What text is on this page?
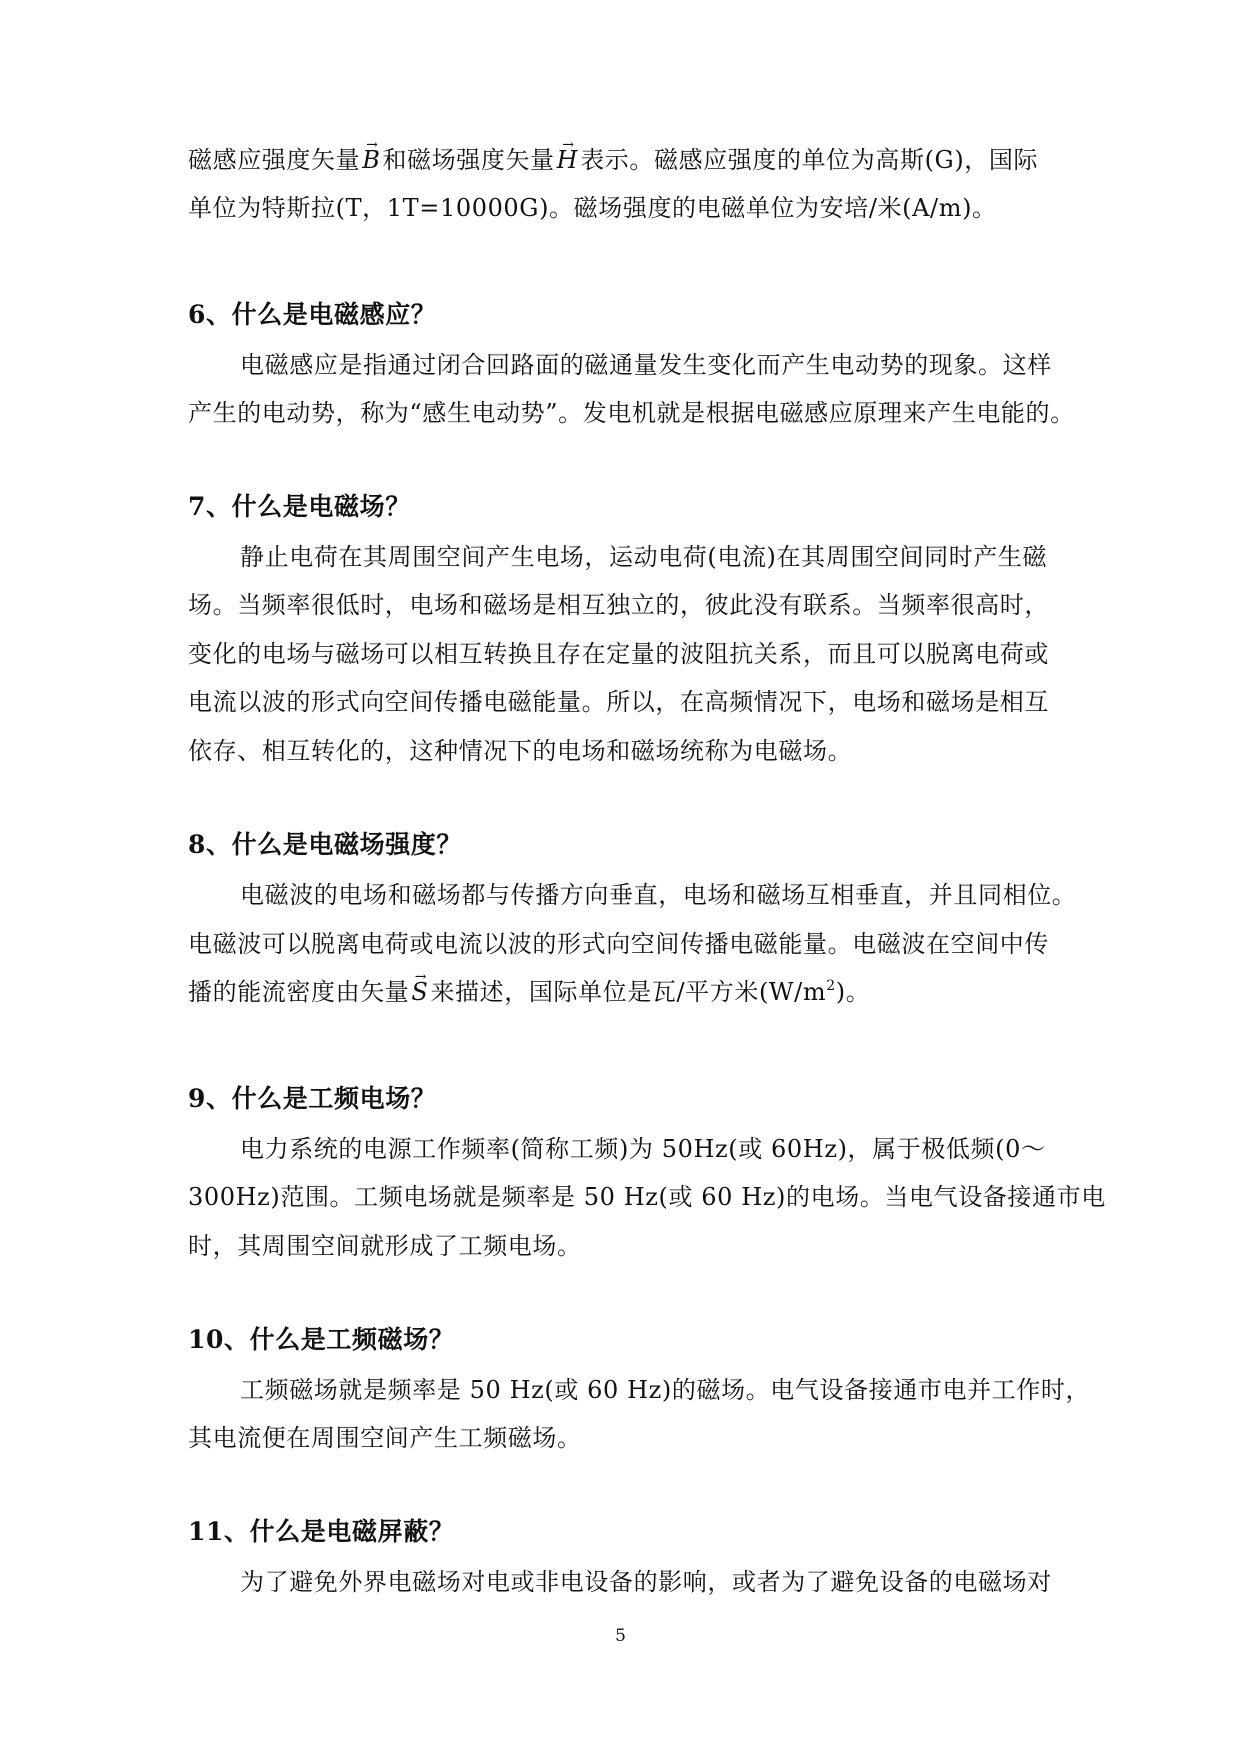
磁感应强度矢量→ B和磁场强度矢量→ H表示。磁感应强度的单位为高斯(G)，国际
单位为特斯拉(T，1T=10000G)。磁场强度的电磁单位为安培/米(A/m)。
6、什么是电磁感应？
电磁感应是指通过闭合回路面的磁通量发生变化而产生电动势的现象。这样
产生的电动势，称为“感生电动势”。发电机就是根据电磁感应原理来产生电能的。
7、什么是电磁场？
静止电荷在其周围空间产生电场，运动电荷(电流)在其周围空间同时产生磁
场。当频率很低时，电场和磁场是相互独立的，彼此没有联系。当频率很高时，
变化的电场与磁场可以相互转换且存在定量的波阻抗关系，而且可以脱离电荷或
电流以波的形式向空间传播电磁能量。所以，在高频情况下，电场和磁场是相互
依存、相互转化的，这种情况下的电场和磁场统称为电磁场。
8、什么是电磁场强度？
电磁波的电场和磁场都与传播方向垂直，电场和磁场互相垂直，并且同相位。
电磁波可以脱离电荷或电流以波的形式向空间传播电磁能量。电磁波在空间中传
播的能流密度由矢量→ S来描述，国际单位是瓦/平方米$(W/m^2)$。
9、什么是工频电场？
电力系统的电源工作频率(简称工频)为 50Hz(或 60Hz)，属于极低频(0～
300Hz)范围。工频电场就是频率是 50 Hz(或 60 Hz)的电场。当电气设备接通市电
时，其周围空间就形成了工频电场。
10、什么是工频磁场？
工频磁场就是频率是 50 Hz(或 60 Hz)的磁场。电气设备接通市电并工作时，
其电流便在周围空间产生工频磁场。
11、什么是电磁屏蔽？
为了避免外界电磁场对电或非电设备的影响，或者为了避免设备的电磁场对
5
